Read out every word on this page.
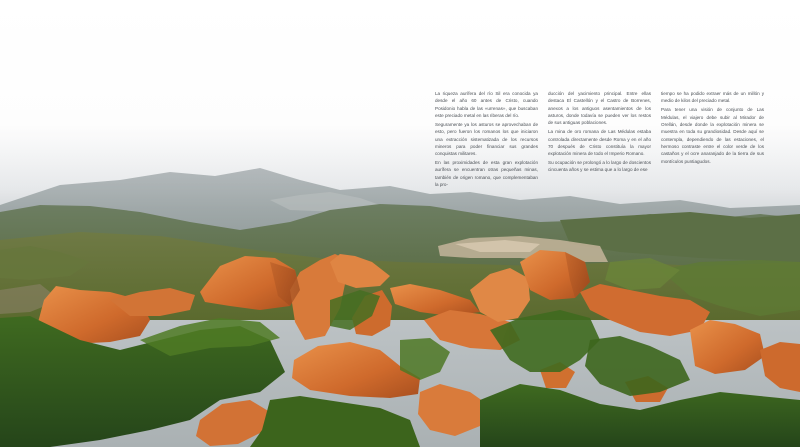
La riqueza aurífera del río Sil era conocida ya desde el año 60 antes de Cristo, cuando Posidonio habla de las «urrenas», que buscaban este preciado metal en las riberas del río.

Seguramente ya los asturos se aprovechaban de esto, pero fueron los romanos los que iniciaron una extracción sistematizada de los recursos mineros para poder financiar sus grandes conquistas militares.

En las proximidades de esta gran explotación aurífera se encuentran otras pequeñas minas, también de origen romano, que complementaban la pro-

ducción del yacimiento principal. Entre ellas destaca El Castellón y el Castro de Borrenes, anexos a los antiguos asentamientos de los asturos, donde todavía se pueden ver los restos de sus antiguas poblaciones.

La mina de oro romana de Las Médulas estaba controlada directamente desde Roma y en el año 70 después de Cristo constituía la mayor explotación minera de todo el Imperio Romano.

Su ocupación se prolongó a lo largo de doscientos cincuenta años y se estima que a lo largo de ese

tiempo se ha podido extraer más de un millón y medio de kilos del preciado metal.

Para tener una visión de conjunto de Las Médulas, el viajero debe subir al Mirador de Orellán, desde donde la explotación minera se muestra en toda su grandiosidad. Desde aquí se contempla, dependiendo de las estaciones, el hermoso contraste entre el color verde de los castaños y el ocre anaranjado de la tierra de sus montículos puntiagudos.
